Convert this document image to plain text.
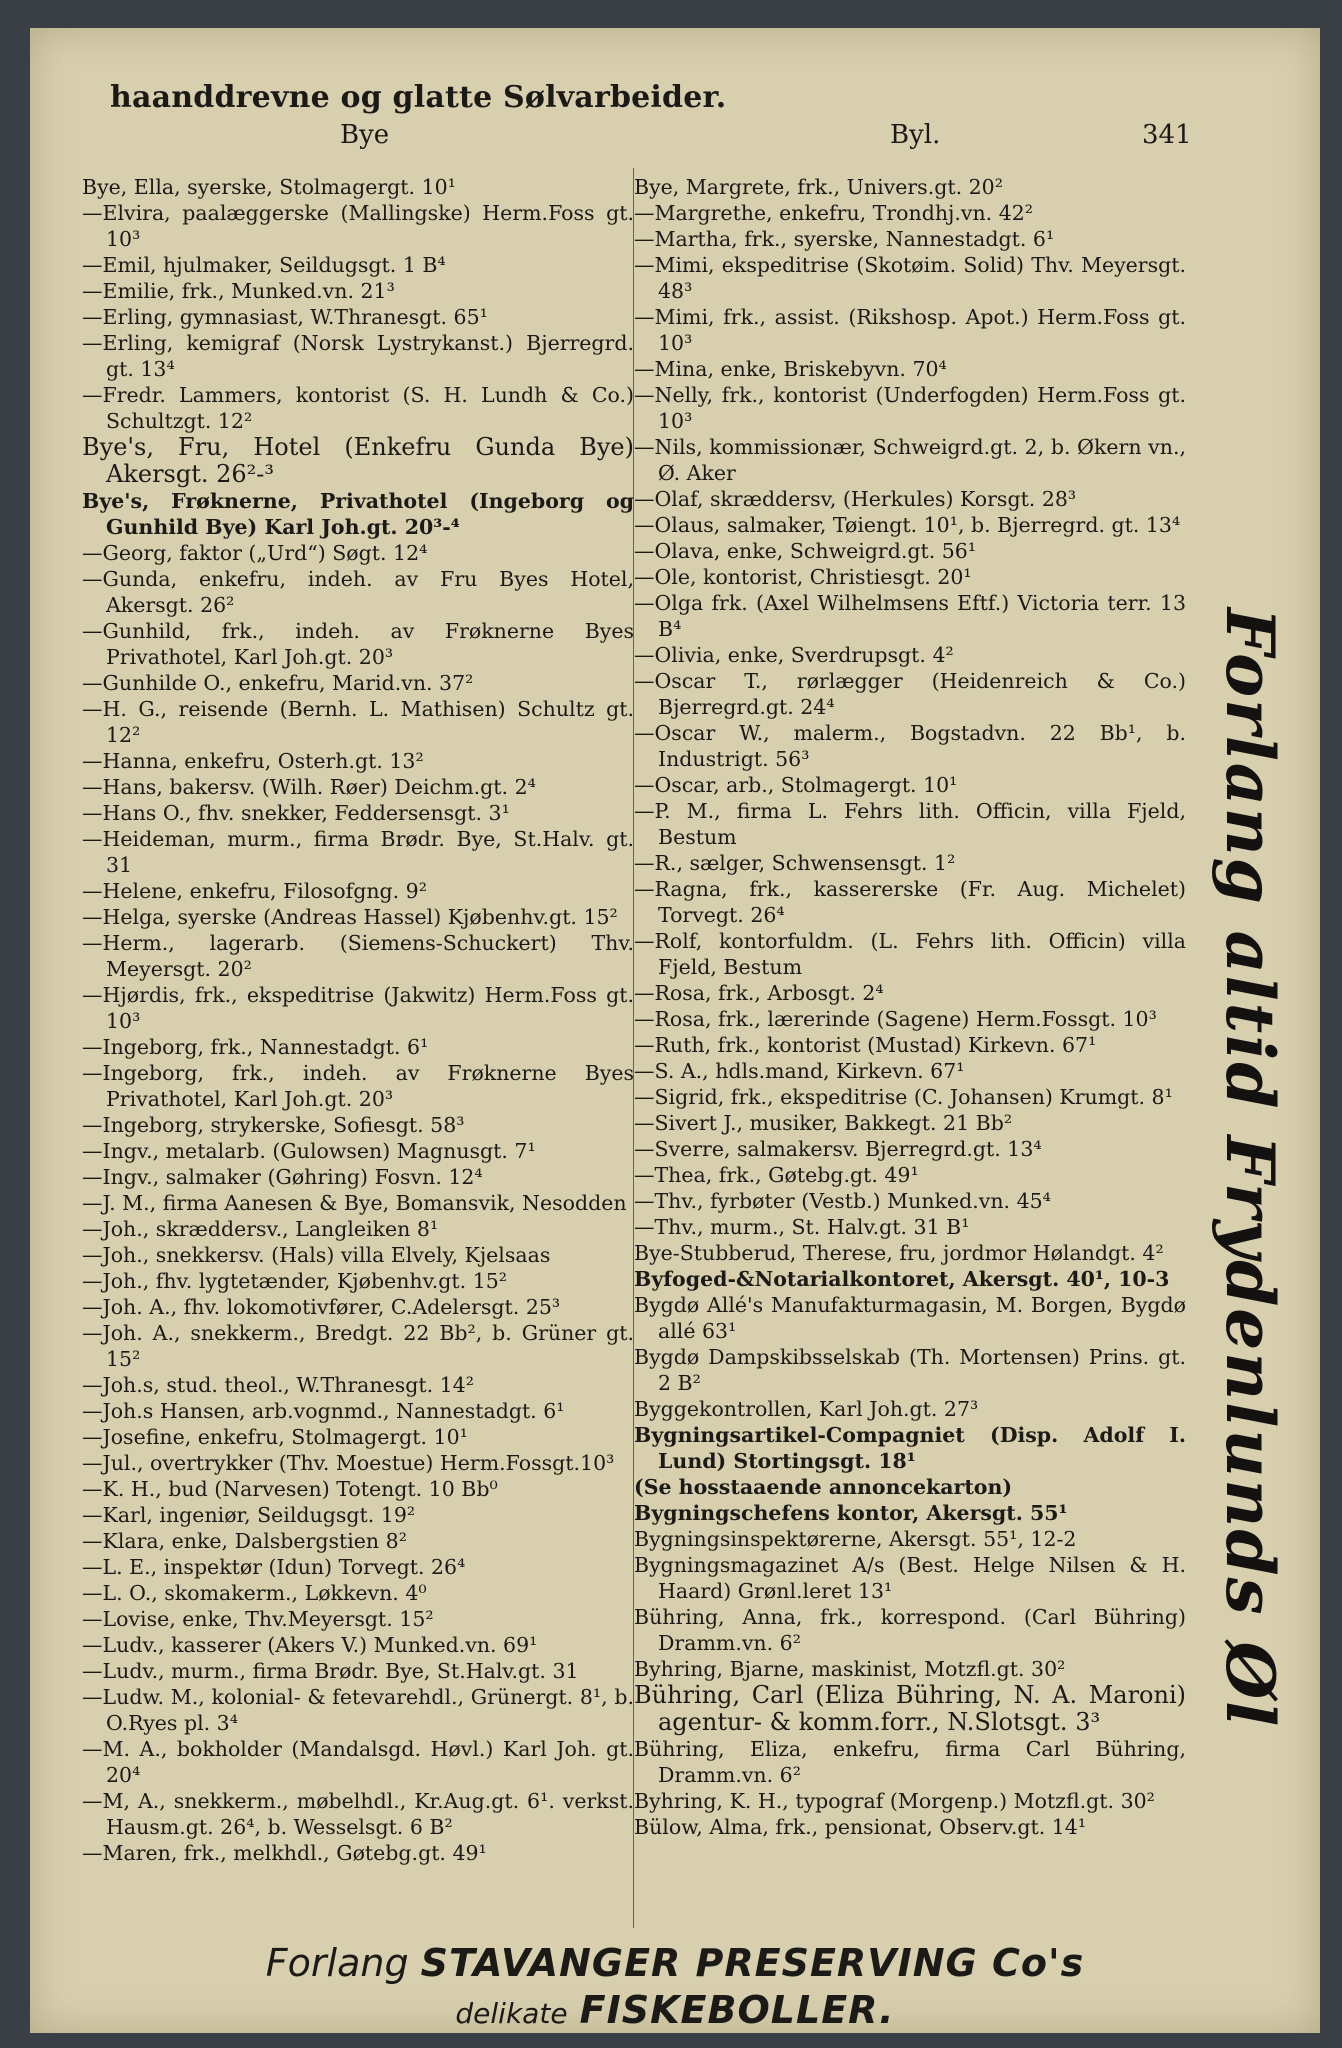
haanddrevne og glatte Sølvarbeider.
Bye	Byl.	341
Bye, Ella, syerske, Stolmagergt. 10¹
—Elvira, paalæggerske (Mallingske) Herm.Foss gt. 10³
—Emil, hjulmaker, Seildugsgt. 1 B⁴
—Emilie, frk., Munked.vn. 21³
—Erling, gymnasiast, W.Thranesgt. 65¹
—Erling, kemigraf (Norsk Lystrykanst.) Bjerregrd. gt. 13⁴
—Fredr. Lammers, kontorist (S. H. Lundh & Co.) Schultzgt. 12²
Bye's, Fru, Hotel (Enkefru Gunda Bye) Akersgt. 26²-³
Bye's, Frøknerne, Privathotel (Ingeborg og Gunhild Bye) Karl Joh.gt. 20³-⁴
—Georg, faktor („Urd“) Søgt. 12⁴
—Gunda, enkefru, indeh. av Fru Byes Hotel, Akersgt. 26²
—Gunhild, frk., indeh. av Frøknerne Byes Privathotel, Karl Joh.gt. 20³
—Gunhilde O., enkefru, Marid.vn. 37²
—H. G., reisende (Bernh. L. Mathisen) Schultz gt. 12²
—Hanna, enkefru, Osterh.gt. 13²
—Hans, bakersv. (Wilh. Røer) Deichm.gt. 2⁴
—Hans O., fhv. snekker, Feddersensgt. 3¹
—Heideman, murm., firma Brødr. Bye, St.Halv. gt. 31
—Helene, enkefru, Filosofgng. 9²
—Helga, syerske (Andreas Hassel) Kjøbenhv.gt. 15²
—Herm., lagerarb. (Siemens-Schuckert) Thv. Meyersgt. 20²
—Hjørdis, frk., ekspeditrise (Jakwitz) Herm.Foss gt. 10³
—Ingeborg, frk., Nannestadgt. 6¹
—Ingeborg, frk., indeh. av Frøknerne Byes Privathotel, Karl Joh.gt. 20³
—Ingeborg, strykerske, Sofiesgt. 58³
—Ingv., metalarb. (Gulowsen) Magnusgt. 7¹
—Ingv., salmaker (Gøhring) Fosvn. 12⁴
—J. M., firma Aanesen & Bye, Bomansvik, Nesodden
—Joh., skræddersv., Langleiken 8¹
—Joh., snekkersv. (Hals) villa Elvely, Kjelsaas
—Joh., fhv. lygtetænder, Kjøbenhv.gt. 15²
—Joh. A., fhv. lokomotivfører, C.Adelersgt. 25³
—Joh. A., snekkerm., Bredgt. 22 Bb², b. Grüner gt. 15²
—Joh.s, stud. theol., W.Thranesgt. 14²
—Joh.s Hansen, arb.vognmd., Nannestadgt. 6¹
—Josefine, enkefru, Stolmagergt. 10¹
—Jul., overtrykker (Thv. Moestue) Herm.Fossgt.10³
—K. H., bud (Narvesen) Totengt. 10 Bb⁰
—Karl, ingeniør, Seildugsgt. 19²
—Klara, enke, Dalsbergstien 8²
—L. E., inspektør (Idun) Torvegt. 26⁴
—L. O., skomakerm., Løkkevn. 4⁰
—Lovise, enke, Thv.Meyersgt. 15²
—Ludv., kasserer (Akers V.) Munked.vn. 69¹
—Ludv., murm., firma Brødr. Bye, St.Halv.gt. 31
—Ludw. M., kolonial- & fetevarehdl., Grünergt. 8¹, b. O.Ryes pl. 3⁴
—M. A., bokholder (Mandalsgd. Høvl.) Karl Joh. gt. 20⁴
—M, A., snekkerm., møbelhdl., Kr.Aug.gt. 6¹. verkst. Hausm.gt. 26⁴, b. Wesselsgt. 6 B²
—Maren, frk., melkhdl., Gøtebg.gt. 49¹
Bye, Margrete, frk., Univers.gt. 20²
—Margrethe, enkefru, Trondhj.vn. 42²
—Martha, frk., syerske, Nannestadgt. 6¹
—Mimi, ekspeditrise (Skotøim. Solid) Thv. Meyersgt. 48³
—Mimi, frk., assist. (Rikshosp. Apot.) Herm.Foss gt. 10³
—Mina, enke, Briskebyvn. 70⁴
—Nelly, frk., kontorist (Underfogden) Herm.Foss gt. 10³
—Nils, kommissionær, Schweigrd.gt. 2, b. Økern vn., Ø. Aker
—Olaf, skræddersv, (Herkules) Korsgt. 28³
—Olaus, salmaker, Tøiengt. 10¹, b. Bjerregrd. gt. 13⁴
—Olava, enke, Schweigrd.gt. 56¹
—Ole, kontorist, Christiesgt. 20¹
—Olga frk. (Axel Wilhelmsens Eftf.) Victoria terr. 13 B⁴
—Olivia, enke, Sverdrupsgt. 4²
—Oscar T., rørlægger (Heidenreich & Co.) Bjerregrd.gt. 24⁴
—Oscar W., malerm., Bogstadvn. 22 Bb¹, b. Industrigt. 56³
—Oscar, arb., Stolmagergt. 10¹
—P. M., firma L. Fehrs lith. Officin, villa Fjeld, Bestum
—R., sælger, Schwensensgt. 1²
—Ragna, frk., kassererske (Fr. Aug. Michelet) Torvegt. 26⁴
—Rolf, kontorfuldm. (L. Fehrs lith. Officin) villa Fjeld, Bestum
—Rosa, frk., Arbosgt. 2⁴
—Rosa, frk., lærerinde (Sagene) Herm.Fossgt. 10³
—Ruth, frk., kontorist (Mustad) Kirkevn. 67¹
—S. A., hdls.mand, Kirkevn. 67¹
—Sigrid, frk., ekspeditrise (C. Johansen) Krumgt. 8¹
—Sivert J., musiker, Bakkegt. 21 Bb²
—Sverre, salmakersv. Bjerregrd.gt. 13⁴
—Thea, frk., Gøtebg.gt. 49¹
—Thv., fyrbøter (Vestb.) Munked.vn. 45⁴
—Thv., murm., St. Halv.gt. 31 B¹
Bye-Stubberud, Therese, fru, jordmor Hølandgt. 4²
Byfoged-&Notarialkontoret, Akersgt. 40¹, 10-3
Bygdø Allé's Manufakturmagasin, M. Borgen, Bygdø allé 63¹
Bygdø Dampskibsselskab (Th. Mortensen) Prins. gt. 2 B²
Byggekontrollen, Karl Joh.gt. 27³
Bygningsartikel-Compagniet (Disp. Adolf I. Lund) Stortingsgt. 18¹
(Se hosstaaende annoncekarton)
Bygningschefens kontor, Akersgt. 55¹
Bygningsinspektørerne, Akersgt. 55¹, 12-2
Bygningsmagazinet A/s (Best. Helge Nilsen & H. Haard) Grønl.leret 13¹
Bühring, Anna, frk., korrespond. (Carl Bühring) Dramm.vn. 6²
Byhring, Bjarne, maskinist, Motzfl.gt. 30²
Bühring, Carl (Eliza Bühring, N. A. Maroni) agentur- & komm.forr., N.Slotsgt. 3³
Bühring, Eliza, enkefru, firma Carl Bühring, Dramm.vn. 6²
Byhring, K. H., typograf (Morgenp.) Motzfl.gt. 30²
Bülow, Alma, frk., pensionat, Observ.gt. 14¹
Forlang altid Frydenlunds Øl
Forlang STAVANGER PRESERVING Co's
delikate FISKEBOLLER.
